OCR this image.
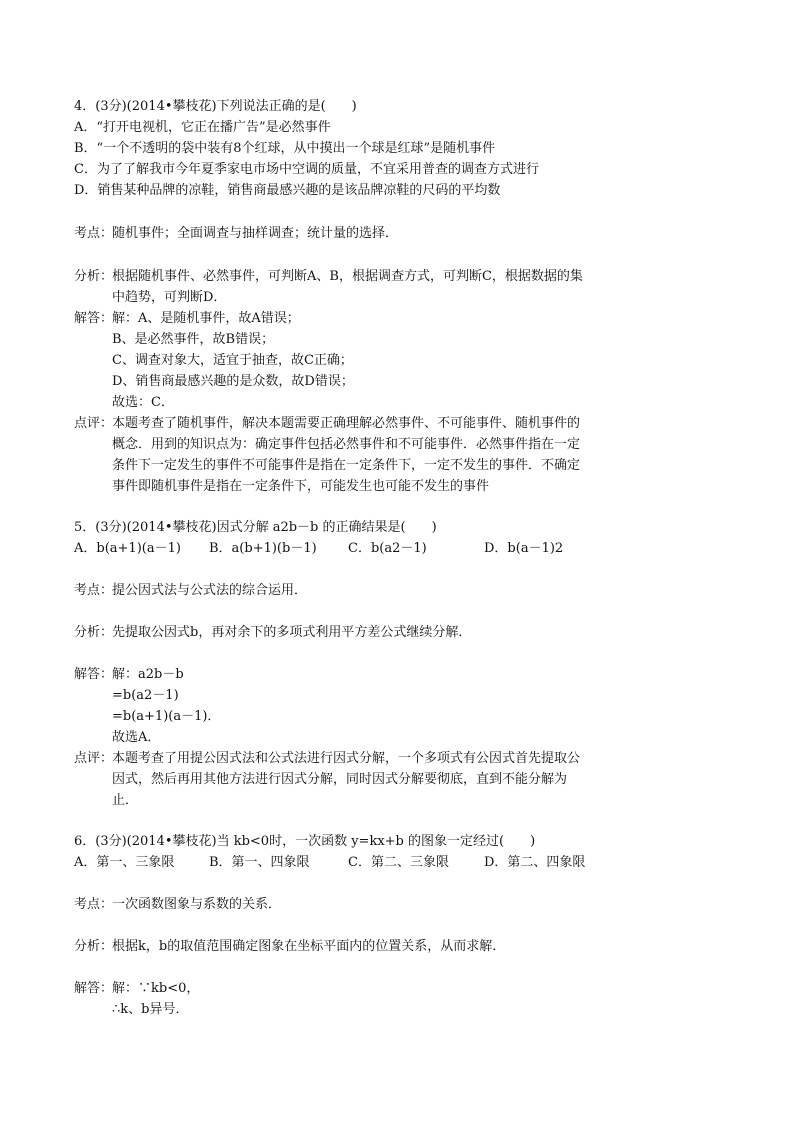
4．(3分)(2014•攀枝花)下列说法正确的是(　　)
A．“打开电视机，它正在播广告”是必然事件
B．“一个不透明的袋中装有8个红球，从中摸出一个球是红球”是随机事件
C．为了了解我市今年夏季家电市场中空调的质量，不宜采用普查的调查方式进行
D．销售某种品牌的凉鞋，销售商最感兴趣的是该品牌凉鞋的尺码的平均数
考点：随机事件；全面调查与抽样调查；统计量的选择．
分析：根据随机事件、必然事件，可判断A、B，根据调查方式，可判断C，根据数据的集
中趋势，可判断D．
解答：解：A、是随机事件，故A错误；
B、是必然事件，故B错误；
C、调查对象大，适宜于抽查，故C正确；
D、销售商最感兴趣的是众数，故D错误；
故选：C．
点评：本题考查了随机事件，解决本题需要正确理解必然事件、不可能事件、随机事件的
概念．用到的知识点为：确定事件包括必然事件和不可能事件．必然事件指在一定
条件下一定发生的事件不可能事件是指在一定条件下，一定不发生的事件．不确定
事件即随机事件是指在一定条件下，可能发生也可能不发生的事件
5．(3分)(2014•攀枝花)因式分解 a2b－b 的正确结果是(　　)
A．b(a+1)(a－1) B．a(b+1)(b－1) C．b(a2－1)	D．b(a－1)2
考点：提公因式法与公式法的综合运用．
分析：先提取公因式b，再对余下的多项式利用平方差公式继续分解．
解答：解：a2b－b
=b(a2－1)
=b(a+1)(a－1)．
故选A．
点评：本题考查了用提公因式法和公式法进行因式分解，一个多项式有公因式首先提取公
因式，然后再用其他方法进行因式分解，同时因式分解要彻底，直到不能分解为
止．
6．(3分)(2014•攀枝花)当 kb<0时，一次函数 y=kx+b 的图象一定经过(　　)
A．第一、三象限	B．第一、四象限	C．第二、三象限	D．第二、四象限
考点：一次函数图象与系数的关系．
分析：根据k，b的取值范围确定图象在坐标平面内的位置关系，从而求解．
解答：解：∵kb<0，
∴k、b异号．
